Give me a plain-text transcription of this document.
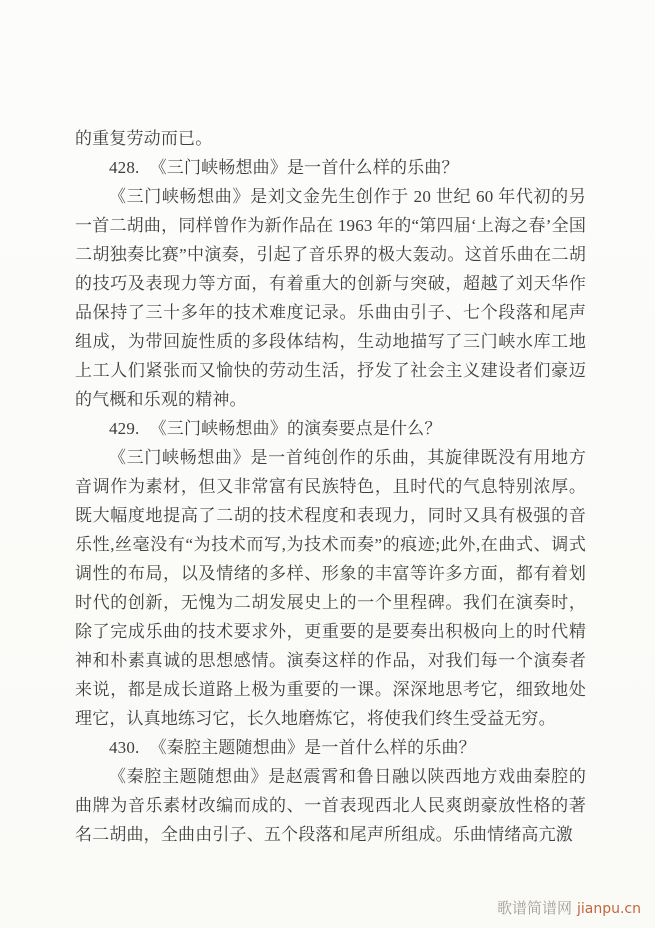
的重复劳动而已。

428. 《三门峡畅想曲》是一首什么样的乐曲？

《三门峡畅想曲》是刘文金先生创作于 20 世纪 60 年代初的另一首二胡曲，同样曾作为新作品在 1963 年的“第四届‘上海之春’全国二胡独奏比赛”中演奏，引起了音乐界的极大轰动。这首乐曲在二胡的技巧及表现力等方面，有着重大的创新与突破，超越了刘天华作品保持了三十多年的技术难度记录。乐曲由引子、七个段落和尾声组成，为带回旋性质的多段体结构，生动地描写了三门峡水库工地上工人们紧张而又愉快的劳动生活，抒发了社会主义建设者们豪迈的气概和乐观的精神。

429. 《三门峡畅想曲》的演奏要点是什么？

《三门峡畅想曲》是一首纯创作的乐曲，其旋律既没有用地方音调作为素材，但又非常富有民族特色，且时代的气息特别浓厚。既大幅度地提高了二胡的技术程度和表现力，同时又具有极强的音乐性,丝毫没有“为技术而写,为技术而奏”的痕迹;此外,在曲式、调式调性的布局，以及情绪的多样、形象的丰富等许多方面，都有着划时代的创新，无愧为二胡发展史上的一个里程碑。我们在演奏时，除了完成乐曲的技术要求外，更重要的是要奏出积极向上的时代精神和朴素真诚的思想感情。演奏这样的作品，对我们每一个演奏者来说，都是成长道路上极为重要的一课。深深地思考它，细致地处理它，认真地练习它，长久地磨炼它，将使我们终生受益无穷。

430. 《秦腔主题随想曲》是一首什么样的乐曲？

《秦腔主题随想曲》是赵震霄和鲁日融以陕西地方戏曲秦腔的曲牌为音乐素材改编而成的、一首表现西北人民爽朗豪放性格的著名二胡曲，全曲由引子、五个段落和尾声所组成。乐曲情绪高亢激

歌谱简谱网 jianpu.cn
